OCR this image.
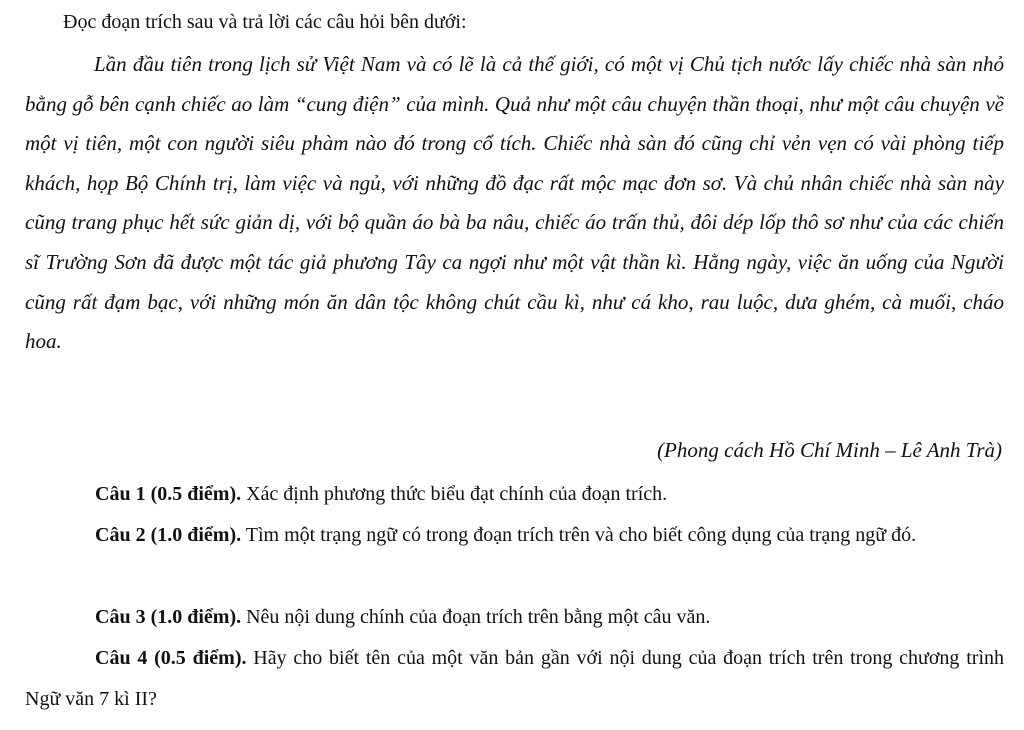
Đọc đoạn trích sau và trả lời các câu hỏi bên dưới:

Lần đầu tiên trong lịch sử Việt Nam và có lẽ là cả thế giới, có một vị Chủ tịch nước lấy chiếc nhà sàn nhỏ bằng gỗ bên cạnh chiếc ao làm “cung điện” của mình. Quả như một câu chuyện thần thoại, như một câu chuyện về một vị tiên, một con người siêu phàm nào đó trong cổ tích. Chiếc nhà sàn đó cũng chỉ vẻn vẹn có vài phòng tiếp khách, họp Bộ Chính trị, làm việc và ngủ, với những đồ đạc rất mộc mạc đơn sơ. Và chủ nhân chiếc nhà sàn này cũng trang phục hết sức giản dị, với bộ quần áo bà ba nâu, chiếc áo trấn thủ, đôi dép lốp thô sơ như của các chiến sĩ Trường Sơn đã được một tác giả phương Tây ca ngợi như một vật thần kì. Hằng ngày, việc ăn uống của Người cũng rất đạm bạc, với những món ăn dân tộc không chút cầu kì, như cá kho, rau luộc, dưa ghém, cà muối, cháo hoa.

(Phong cách Hồ Chí Minh – Lê Anh Trà)

Câu 1 (0.5 điểm). Xác định phương thức biểu đạt chính của đoạn trích.

Câu 2 (1.0 điểm). Tìm một trạng ngữ có trong đoạn trích trên và cho biết công dụng của trạng ngữ đó.

Câu 3 (1.0 điểm). Nêu nội dung chính của đoạn trích trên bằng một câu văn.

Câu 4 (0.5 điểm). Hãy cho biết tên của một văn bản gần với nội dung của đoạn trích trên trong chương trình Ngữ văn 7 kì II?
